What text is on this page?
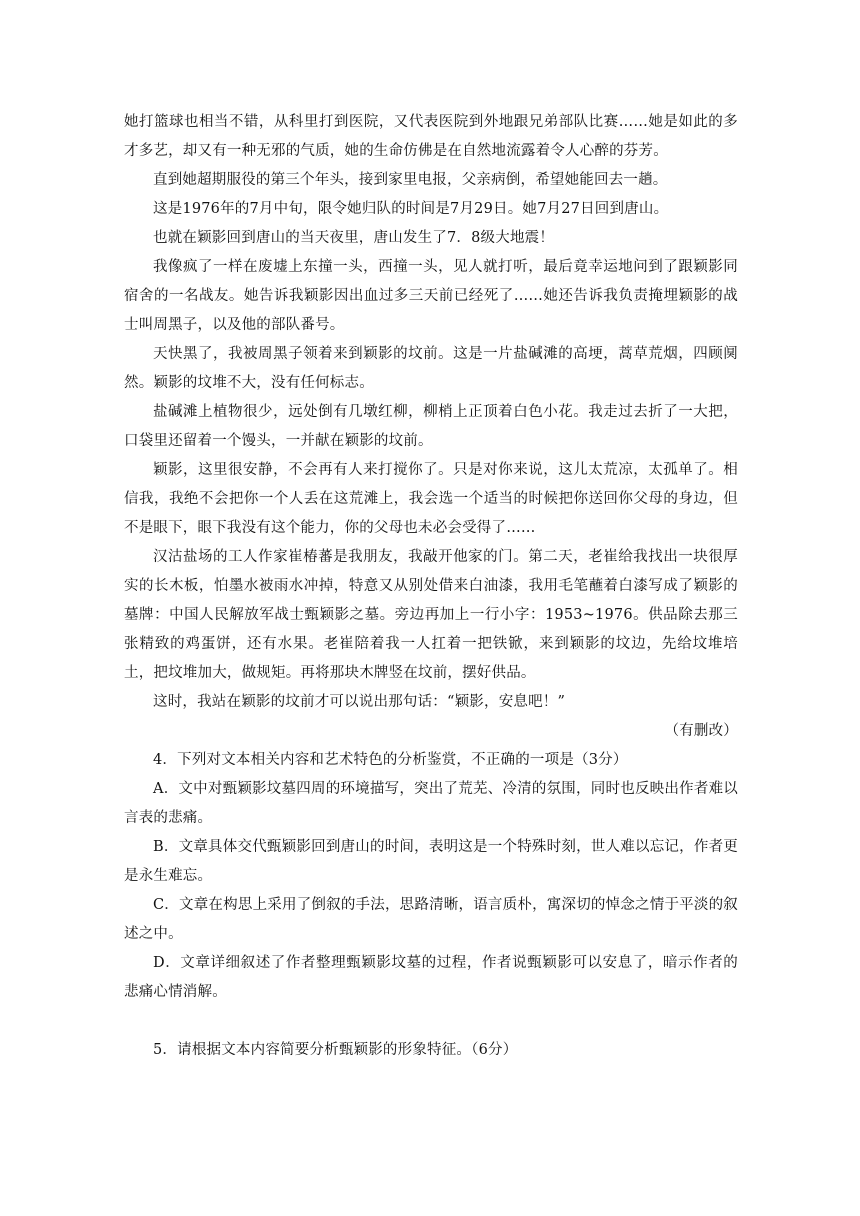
她打篮球也相当不错，从科里打到医院，又代表医院到外地跟兄弟部队比赛……她是如此的多才多艺，却又有一种无邪的气质，她的生命仿佛是在自然地流露着令人心醉的芬芳。

直到她超期服役的第三个年头，接到家里电报，父亲病倒，希望她能回去一趟。

这是1976年的7月中旬，限令她归队的时间是7月29日。她7月27日回到唐山。

也就在颖影回到唐山的当天夜里，唐山发生了7．8级大地震！

我像疯了一样在废墟上东撞一头，西撞一头，见人就打听，最后竟幸运地问到了跟颖影同宿舍的一名战友。她告诉我颖影因出血过多三天前已经死了……她还告诉我负责掩埋颖影的战士叫周黑子，以及他的部队番号。

天快黑了，我被周黑子领着来到颖影的坟前。这是一片盐碱滩的高埂，蒿草荒烟，四顾阒然。颖影的坟堆不大，没有任何标志。

盐碱滩上植物很少，远处倒有几墩红柳，柳梢上正顶着白色小花。我走过去折了一大把，口袋里还留着一个馒头，一并献在颖影的坟前。

颖影，这里很安静，不会再有人来打搅你了。只是对你来说，这儿太荒凉，太孤单了。相信我，我绝不会把你一个人丢在这荒滩上，我会选一个适当的时候把你送回你父母的身边，但不是眼下，眼下我没有这个能力，你的父母也未必会受得了……

汉沽盐场的工人作家崔椿蕃是我朋友，我敲开他家的门。第二天，老崔给我找出一块很厚实的长木板，怕墨水被雨水冲掉，特意又从别处借来白油漆，我用毛笔蘸着白漆写成了颖影的墓牌：中国人民解放军战士甄颖影之墓。旁边再加上一行小字：1953~1976。供品除去那三张精致的鸡蛋饼，还有水果。老崔陪着我一人扛着一把铁锨，来到颖影的坟边，先给坟堆培土，把坟堆加大，做规矩。再将那块木牌竖在坟前，摆好供品。

这时，我站在颖影的坟前才可以说出那句话：“颖影，安息吧！”

（有删改）

4．下列对文本相关内容和艺术特色的分析鉴赏，不正确的一项是（3分）

A．文中对甄颖影坟墓四周的环境描写，突出了荒芜、冷清的氛围，同时也反映出作者难以言表的悲痛。

B．文章具体交代甄颖影回到唐山的时间，表明这是一个特殊时刻，世人难以忘记，作者更是永生难忘。

C．文章在构思上采用了倒叙的手法，思路清晰，语言质朴，寓深切的悼念之情于平淡的叙述之中。

D．文章详细叙述了作者整理甄颖影坟墓的过程，作者说甄颖影可以安息了，暗示作者的悲痛心情消解。

5．请根据文本内容简要分析甄颖影的形象特征。（6分）
